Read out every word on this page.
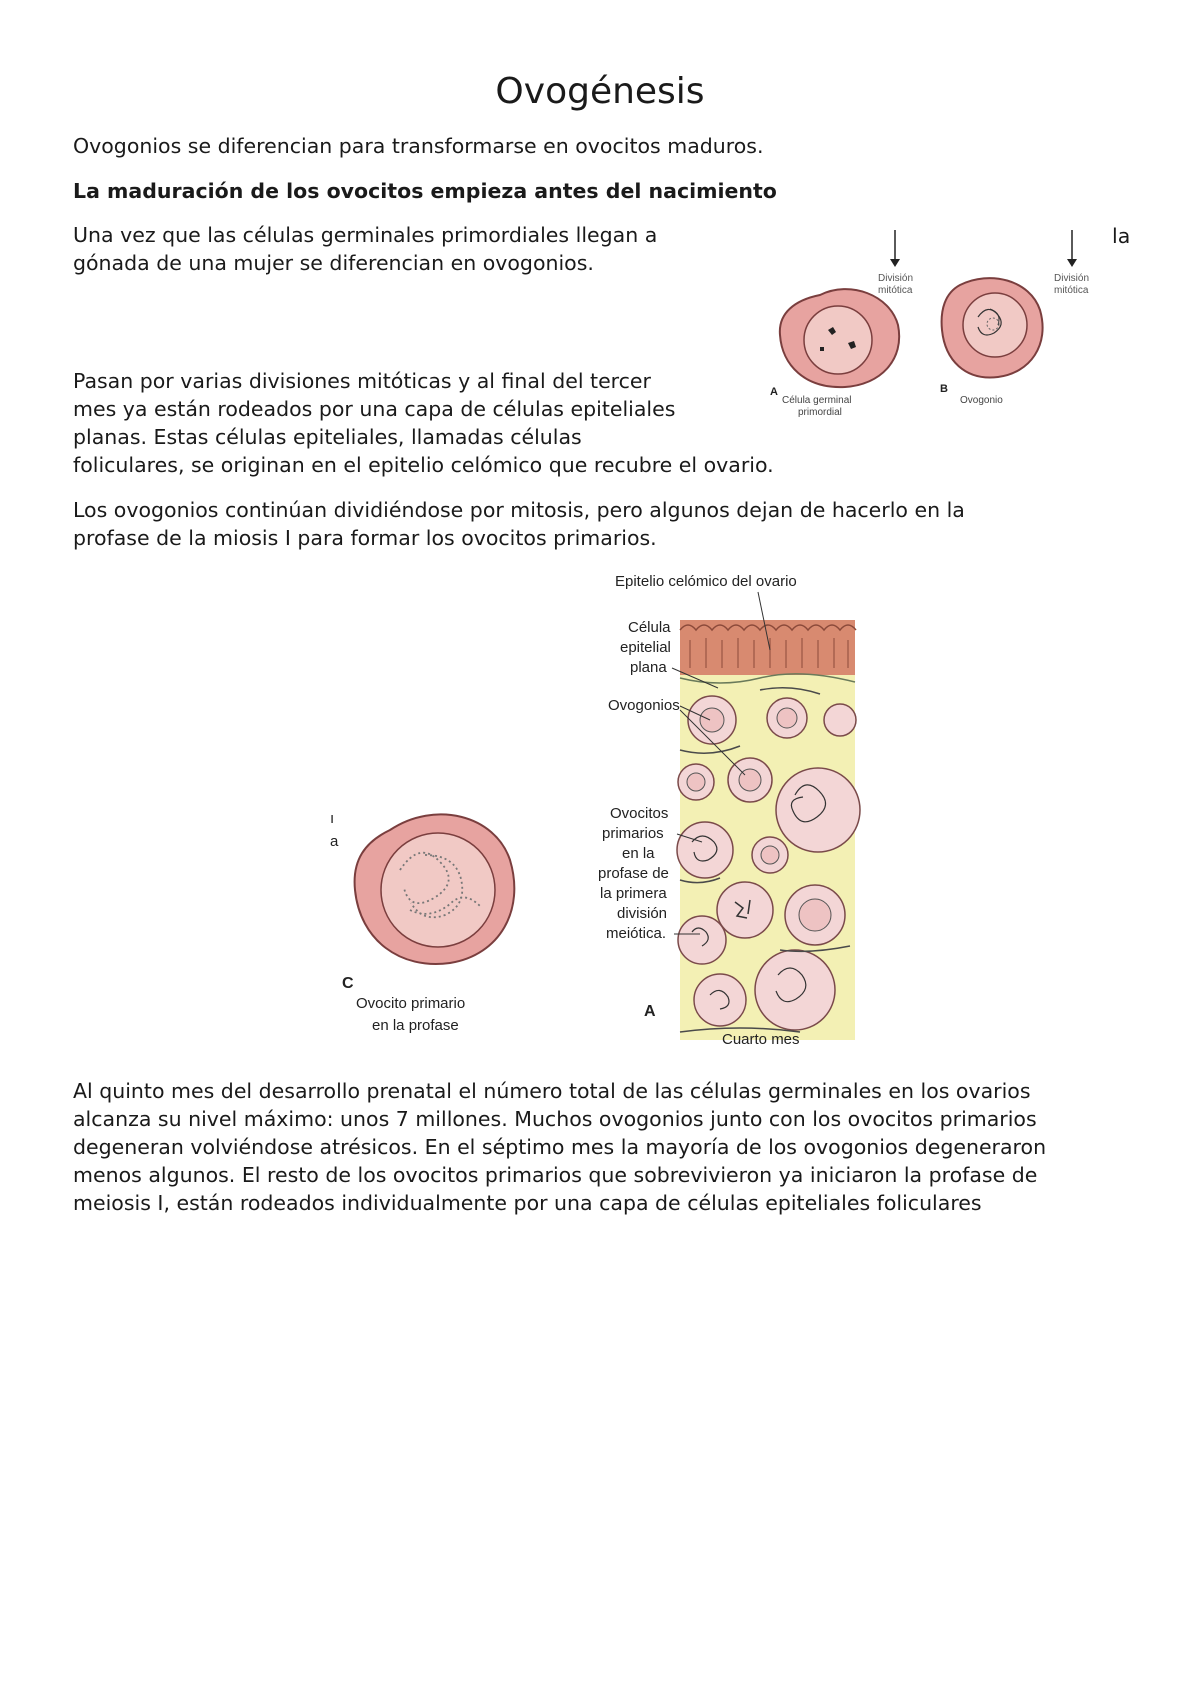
Ovogénesis

Ovogonios se diferencian para transformarse en ovocitos maduros.

La maduración de los ovocitos empieza antes del nacimiento

Una vez que las células germinales primordiales llegan a	la

gónada de una mujer se diferencian en ovogonios.

Pasan por varias divisiones mitóticas y al final del tercer

mes ya están rodeados por una capa de células epiteliales

planas. Estas células epiteliales, llamadas células

foliculares, se originan en el epitelio celómico que recubre el ovario.

Los ovogonios continúan dividiéndose por mitosis, pero algunos dejan de hacerlo en la

profase de la miosis I para formar los ovocitos primarios.

Al quinto mes del desarrollo prenatal el número total de las células germinales en los ovarios

alcanza su nivel máximo: unos 7 millones. Muchos ovogonios junto con los ovocitos primarios

degeneran volviéndose atrésicos. En el séptimo mes la mayoría de los ovogonios degeneraron

menos algunos. El resto de los ovocitos primarios que sobrevivieron ya iniciaron la profase de

meiosis I, están rodeados individualmente por una capa de células epiteliales foliculares

División
mitótica
División
mitótica
A
Célula germinal
primordial
B
Ovogonio
Epitelio celómico del ovario
Célula
epitelial
plana
Ovogonios
Ovocitos
primarios
en la
profase de
la primera
división
meiótica.
ı
a
C
Ovocito primario
en la profase
A
Cuarto mes
